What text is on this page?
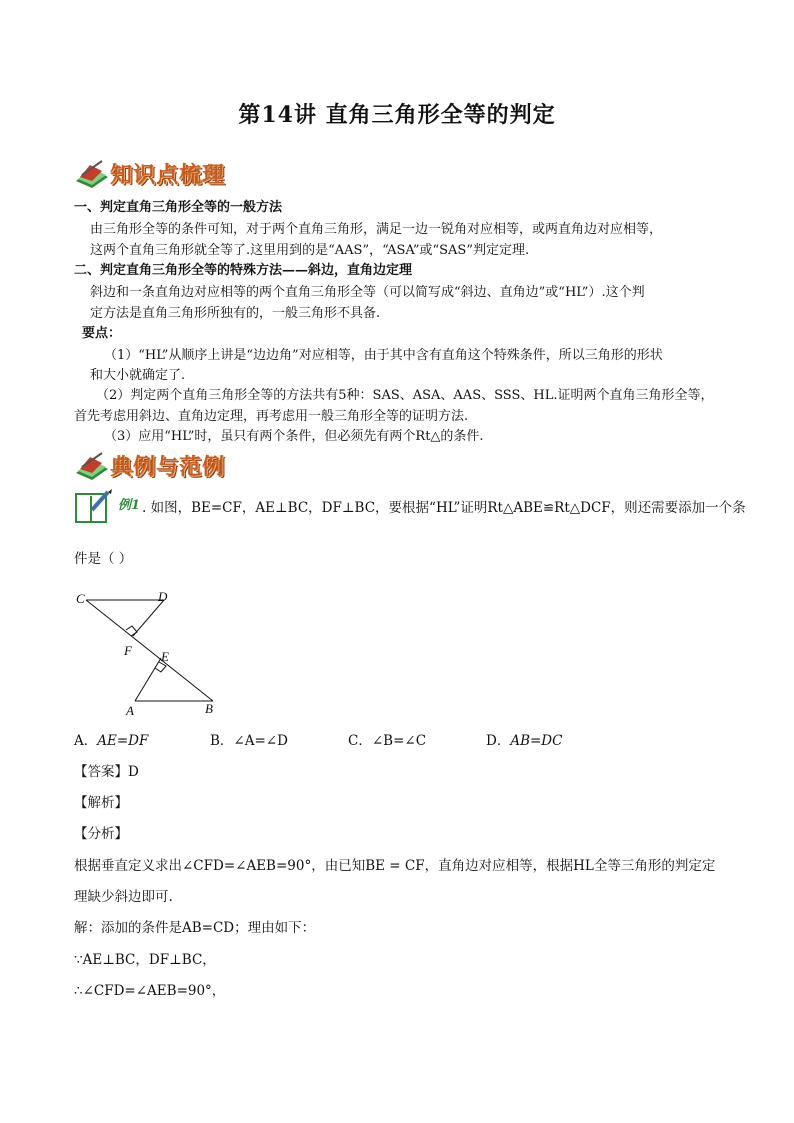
第14讲 直角三角形全等的判定
知识点梳理
一、判定直角三角形全等的一般方法
由三角形全等的条件可知，对于两个直角三角形，满足一边一锐角对应相等，或两直角边对应相等，
这两个直角三角形就全等了.这里用到的是“AAS”，“ASA”或“SAS”判定定理.
二、判定直角三角形全等的特殊方法——斜边，直角边定理
斜边和一条直角边对应相等的两个直角三角形全等（可以简写成“斜边、直角边”或“HL”）.这个判
定方法是直角三角形所独有的，一般三角形不具备.
要点：
（1）“HL”从顺序上讲是“边边角”对应相等，由于其中含有直角这个特殊条件，所以三角形的形状
和大小就确定了.
（2）判定两个直角三角形全等的方法共有5种：SAS、ASA、AAS、SSS、HL.证明两个直角三角形全等，
首先考虑用斜边、直角边定理，再考虑用一般三角形全等的证明方法.
（3）应用“HL”时，虽只有两个条件，但必须先有两个Rt△的条件.
典例与范例
例1 . 如图，BE=CF，AE⊥BC，DF⊥BC，要根据“HL”证明Rt△ABE≌Rt△DCF，则还需要添加一个条
件是（ ）
C	D
F E
A	B
A．AE=DF	B．∠A=∠D	C．∠B=∠C	D．AB=DC
【答案】D
【解析】
【分析】
根据垂直定义求出∠CFD=∠AEB=90°，由已知BE = CF，直角边对应相等，根据HL全等三角形的判定定
理缺少斜边即可.
解：添加的条件是AB=CD；理由如下：
∵AE⊥BC，DF⊥BC，
∴∠CFD=∠AEB=90°，
